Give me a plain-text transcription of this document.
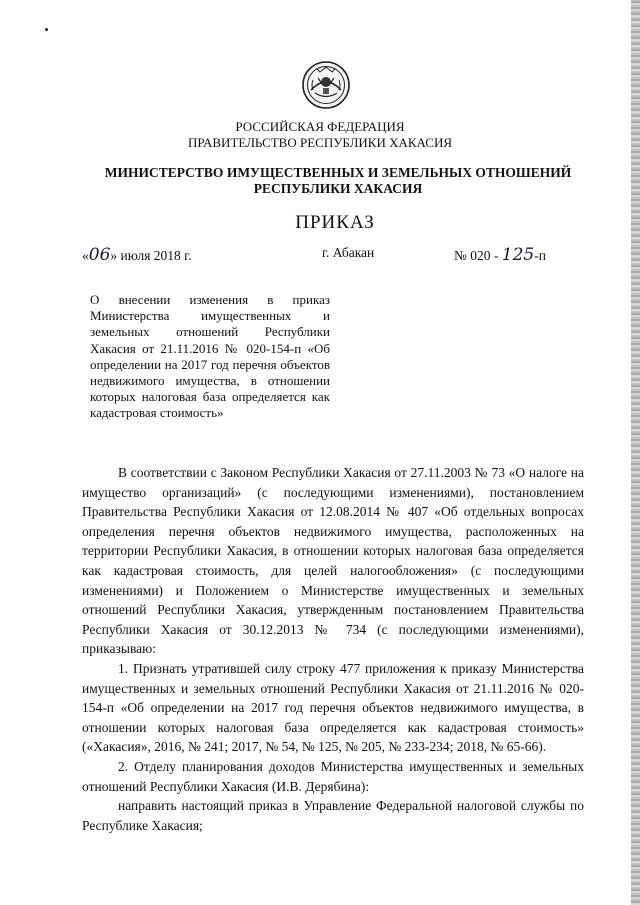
РОССИЙСКАЯ ФЕДЕРАЦИЯ
ПРАВИТЕЛЬСТВО РЕСПУБЛИКИ ХАКАСИЯ
МИНИСТЕРСТВО ИМУЩЕСТВЕННЫХ И ЗЕМЕЛЬНЫХ ОТНОШЕНИЙ
РЕСПУБЛИКИ ХАКАСИЯ
ПРИКАЗ
«06» июля 2018 г.	г. Абакан	№ 020 - 125-п
О внесении изменения в приказ Министерства имущественных и земельных отношений Республики Хакасия от 21.11.2016 № 020-154-п «Об определении на 2017 год перечня объектов недвижимого имущества, в отношении которых налоговая база определяется как кадастровая стоимость»

В соответствии с Законом Республики Хакасия от 27.11.2003 № 73 «О налоге на имущество организаций» (с последующими изменениями), постановлением Правительства Республики Хакасия от 12.08.2014 № 407 «Об отдельных вопросах определения перечня объектов недвижимого имущества, расположенных на территории Республики Хакасия, в отношении которых налоговая база определяется как кадастровая стоимость, для целей налогообложения» (с последующими изменениями) и Положением о Министерстве имущественных и земельных отношений Республики Хакасия, утвержденным постановлением Правительства Республики Хакасия от 30.12.2013 № 734 (с последующими изменениями), приказываю:

1. Признать утратившей силу строку 477 приложения к приказу Министерства имущественных и земельных отношений Республики Хакасия от 21.11.2016 № 020-154-п «Об определении на 2017 год перечня объектов недвижимого имущества, в отношении которых налоговая база определяется как кадастровая стоимость» («Хакасия», 2016, № 241; 2017, № 54, № 125, № 205, № 233-234; 2018, № 65-66).

2. Отделу планирования доходов Министерства имущественных и земельных отношений Республики Хакасия (И.В. Дерябина):

направить настоящий приказ в Управление Федеральной налоговой службы по Республике Хакасия;
